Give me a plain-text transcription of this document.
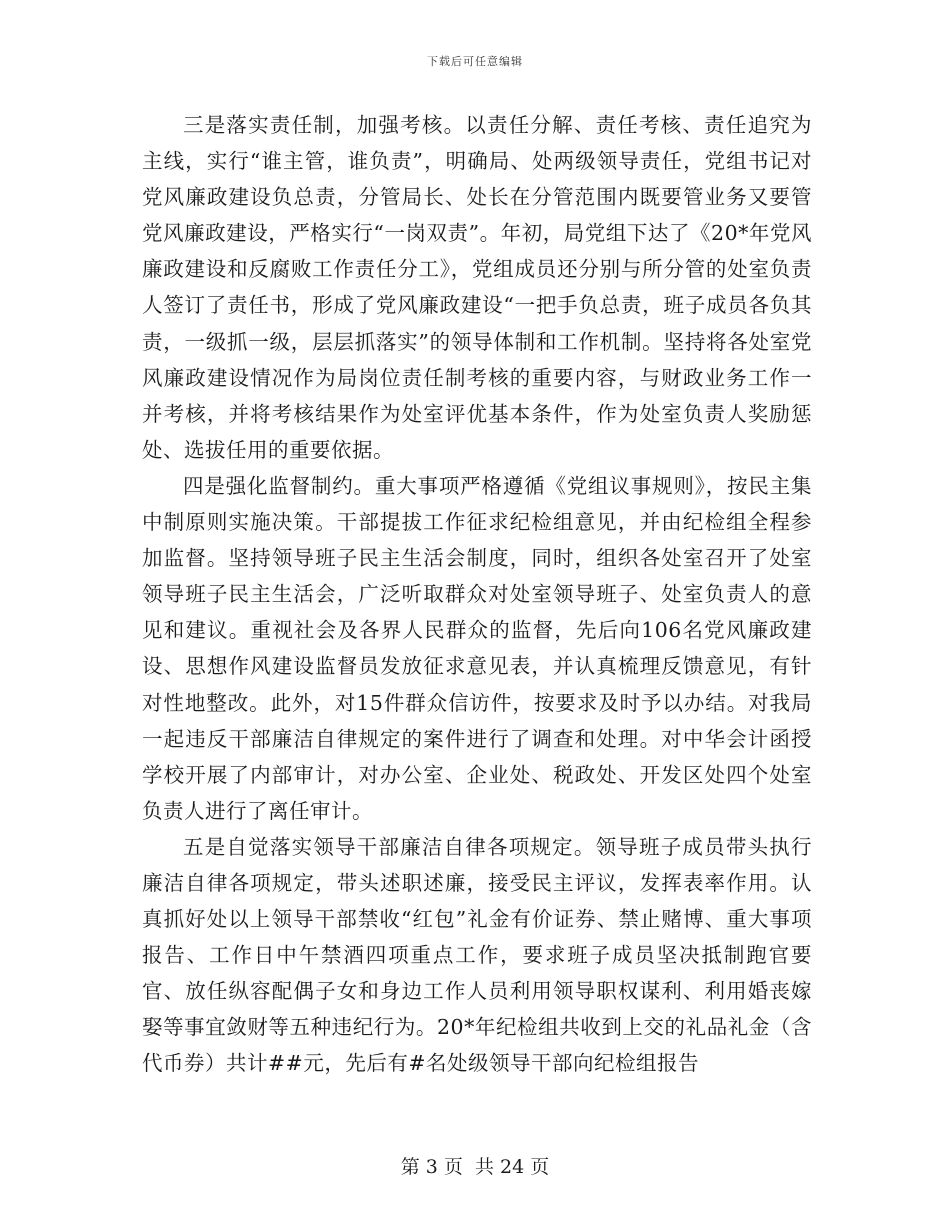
下载后可任意编辑

三是落实责任制，加强考核。以责任分解、责任考核、责任追究为主线，实行“谁主管，谁负责”，明确局、处两级领导责任，党组书记对党风廉政建设负总责，分管局长、处长在分管范围内既要管业务又要管党风廉政建设，严格实行“一岗双责”。年初，局党组下达了《20*年党风廉政建设和反腐败工作责任分工》，党组成员还分别与所分管的处室负责人签订了责任书，形成了党风廉政建设“一把手负总责，班子成员各负其责，一级抓一级，层层抓落实”的领导体制和工作机制。坚持将各处室党风廉政建设情况作为局岗位责任制考核的重要内容，与财政业务工作一并考核，并将考核结果作为处室评优基本条件，作为处室负责人奖励惩处、选拔任用的重要依据。

四是强化监督制约。重大事项严格遵循《党组议事规则》，按民主集中制原则实施决策。干部提拔工作征求纪检组意见，并由纪检组全程参加监督。坚持领导班子民主生活会制度，同时，组织各处室召开了处室领导班子民主生活会，广泛听取群众对处室领导班子、处室负责人的意见和建议。重视社会及各界人民群众的监督，先后向106名党风廉政建设、思想作风建设监督员发放征求意见表，并认真梳理反馈意见，有针对性地整改。此外，对15件群众信访件，按要求及时予以办结。对我局一起违反干部廉洁自律规定的案件进行了调查和处理。对中华会计函授学校开展了内部审计，对办公室、企业处、税政处、开发区处四个处室负责人进行了离任审计。

五是自觉落实领导干部廉洁自律各项规定。领导班子成员带头执行廉洁自律各项规定，带头述职述廉，接受民主评议，发挥表率作用。认真抓好处以上领导干部禁收“红包”礼金有价证券、禁止赌博、重大事项报告、工作日中午禁酒四项重点工作，要求班子成员坚决抵制跑官要官、放任纵容配偶子女和身边工作人员利用领导职权谋利、利用婚丧嫁娶等事宜敛财等五种违纪行为。20*年纪检组共收到上交的礼品礼金（含代币券）共计##元，先后有#名处级领导干部向纪检组报告

第 3 页  共 24 页
